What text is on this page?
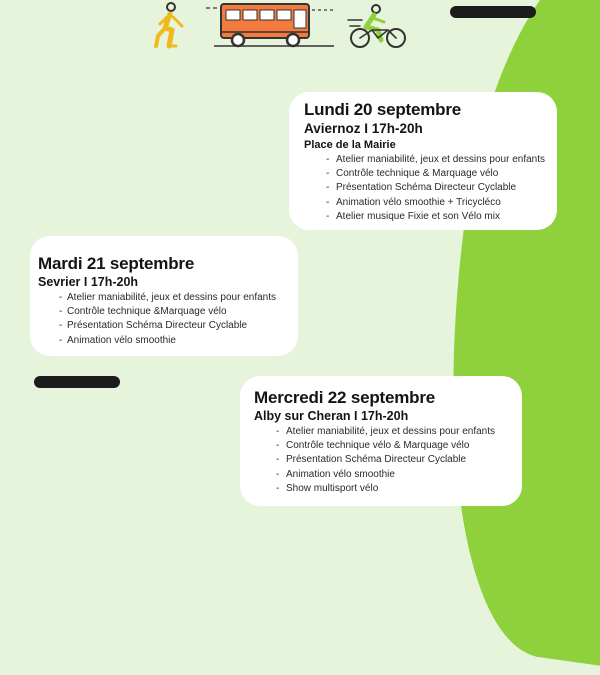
Lundi 20 septembre
Aviernoz I 17h-20h
Place de la Mairie
- Atelier maniabilité, jeux et dessins pour enfants
- Contrôle technique & Marquage vélo
- Présentation Schéma Directeur Cyclable
- Animation vélo smoothie + Tricycléco
- Atelier musique Fixie et son Vélo mix
Mardi 21 septembre
Sevrier I 17h-20h
- Atelier maniabilité, jeux et dessins pour enfants
- Contrôle technique &Marquage vélo
- Présentation Schéma Directeur Cyclable
- Animation vélo smoothie
Mercredi 22 septembre
Alby sur Cheran I 17h-20h
- Atelier maniabilité, jeux et dessins pour enfants
- Contrôle technique vélo & Marquage vélo
- Présentation Schéma Directeur Cyclable
- Animation vélo smoothie
- Show multisport vélo
